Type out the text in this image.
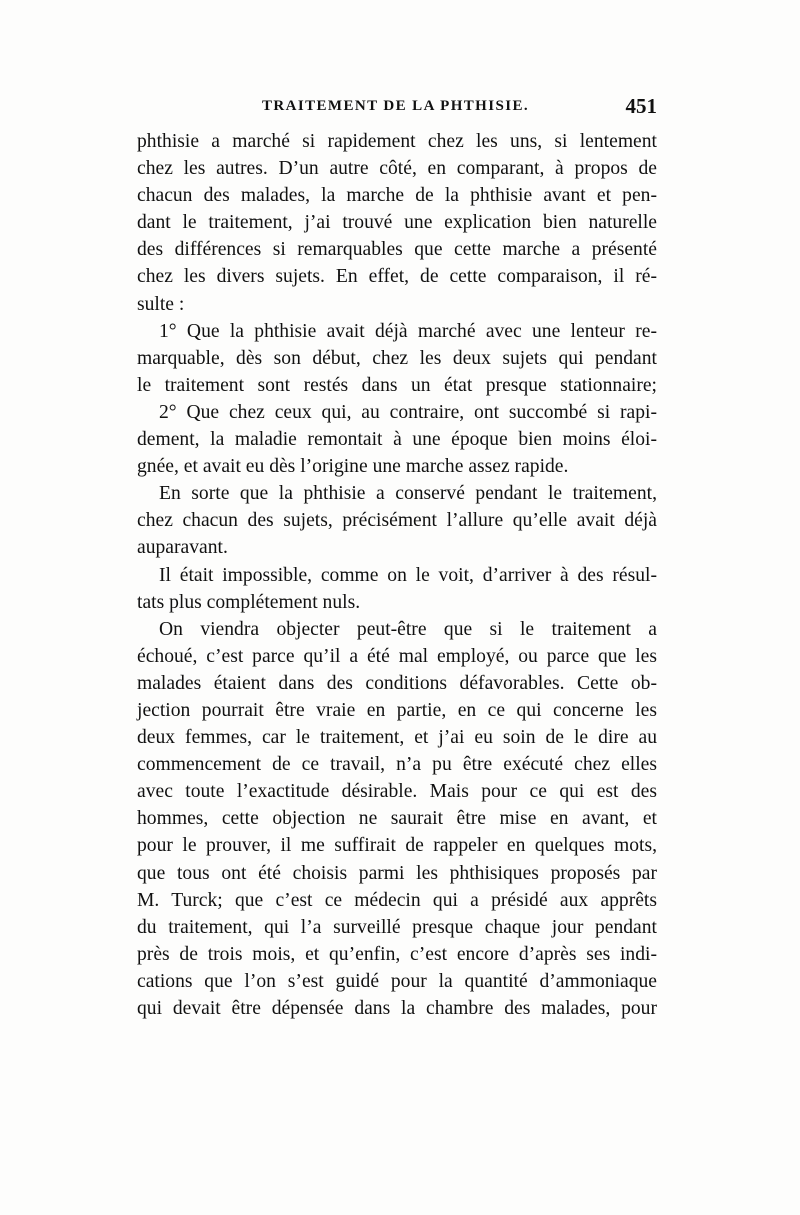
TRAITEMENT DE LA PHTHISIE.	451
phthisie a marché si rapidement chez les uns, si lentement
chez les autres. D’un autre côté, en comparant, à propos de
chacun des malades, la marche de la phthisie avant et pen-
dant le traitement, j’ai trouvé une explication bien naturelle
des différences si remarquables que cette marche a présenté
chez les divers sujets. En effet, de cette comparaison, il ré-
sulte :
1° Que la phthisie avait déjà marché avec une lenteur re-
marquable, dès son début, chez les deux sujets qui pendant
le traitement sont restés dans un état presque stationnaire;
2° Que chez ceux qui, au contraire, ont succombé si rapi-
dement, la maladie remontait à une époque bien moins éloi-
gnée, et avait eu dès l’origine une marche assez rapide.
En sorte que la phthisie a conservé pendant le traitement,
chez chacun des sujets, précisément l’allure qu’elle avait déjà
auparavant.
Il était impossible, comme on le voit, d’arriver à des résul-
tats plus complétement nuls.
On viendra objecter peut-être que si le traitement a
échoué, c’est parce qu’il a été mal employé, ou parce que les
malades étaient dans des conditions défavorables. Cette ob-
jection pourrait être vraie en partie, en ce qui concerne les
deux femmes, car le traitement, et j’ai eu soin de le dire au
commencement de ce travail, n’a pu être exécuté chez elles
avec toute l’exactitude désirable. Mais pour ce qui est des
hommes, cette objection ne saurait être mise en avant, et
pour le prouver, il me suffirait de rappeler en quelques mots,
que tous ont été choisis parmi les phthisiques proposés par
M. Turck; que c’est ce médecin qui a présidé aux apprêts
du traitement, qui l’a surveillé presque chaque jour pendant
près de trois mois, et qu’enfin, c’est encore d’après ses indi-
cations que l’on s’est guidé pour la quantité d’ammoniaque
qui devait être dépensée dans la chambre des malades, pour
